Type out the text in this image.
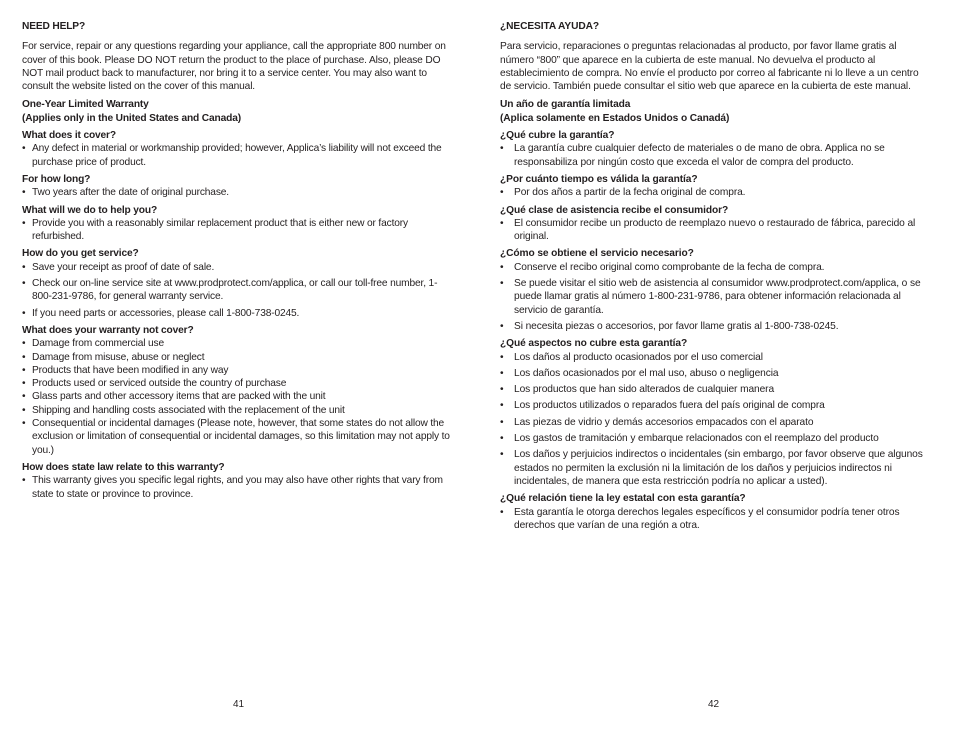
NEED HELP?

For service, repair or any questions regarding your appliance, call the appropriate 800 number on cover of this book. Please DO NOT return the product to the place of purchase. Also, please DO NOT mail product back to manufacturer, nor bring it to a service center. You may also want to consult the website listed on the cover of this manual.

One-Year Limited Warranty

(Applies only in the United States and Canada)

What does it cover?

• Any defect in material or workmanship provided; however, Applica’s liability will not exceed the purchase price of product.

For how long?

• Two years after the date of original purchase.

What will we do to help you?

• Provide you with a reasonably similar replacement product that is either new or factory refurbished.

How do you get service?

• Save your receipt as proof of date of sale.
• Check our on-line service site at www.prodprotect.com/applica, or call our toll-free number, 1-800-231-9786, for general warranty service.
• If you need parts or accessories, please call 1-800-738-0245.

What does your warranty not cover?

• Damage from commercial use
• Damage from misuse, abuse or neglect
• Products that have been modified in any way
• Products used or serviced outside the country of purchase
• Glass parts and other accessory items that are packed with the unit
• Shipping and handling costs associated with the replacement of the unit
• Consequential or incidental damages (Please note, however, that some states do not allow the exclusion or limitation of consequential or incidental damages, so this limitation may not apply to you.)

How does state law relate to this warranty?

• This warranty gives you specific legal rights, and you may also have other rights that vary from state to state or province to province.

¿NECESITA AYUDA?

Para servicio, reparaciones o preguntas relacionadas al producto, por favor llame gratis al número “800” que aparece en la cubierta de este manual. No devuelva el producto al establecimiento de compra. No envíe el producto por correo al fabricante ni lo lleve a un centro de servicio. También puede consultar el sitio web que aparece en la cubierta de este manual.

Un año de garantía limitada

(Aplica solamente en Estados Unidos o Canadá)

¿Qué cubre la garantía?

• La garantía cubre cualquier defecto de materiales o de mano de obra. Applica no se responsabiliza por ningún costo que exceda el valor de compra del producto.

¿Por cuánto tiempo es válida la garantía?

• Por dos años a partir de la fecha original de compra.

¿Qué clase de asistencia recibe el consumidor?

• El consumidor recibe un producto de reemplazo nuevo o restaurado de fábrica, parecido al original.

¿Cómo se obtiene el servicio necesario?

• Conserve el recibo original como comprobante de la fecha de compra.
• Se puede visitar el sitio web de asistencia al consumidor www.prodprotect.com/applica, o se puede llamar gratis al número 1-800-231-9786, para obtener información relacionada al servicio de garantía.
• Si necesita piezas o accesorios, por favor llame gratis al 1-800-738-0245.

¿Qué aspectos no cubre esta garantía?

• Los daños al producto ocasionados por el uso comercial
• Los daños ocasionados por el mal uso, abuso o negligencia
• Los productos que han sido alterados de cualquier manera
• Los productos utilizados o reparados fuera del país original de compra
• Las piezas de vidrio y demás accesorios empacados con el aparato
• Los gastos de tramitación y embarque relacionados con el reemplazo del producto
• Los daños y perjuicios indirectos o incidentales (sin embargo, por favor observe que algunos estados no permiten la exclusión ni la limitación de los daños y perjuicios indirectos ni incidentales, de manera que esta restricción podría no aplicar a usted).

¿Qué relación tiene la ley estatal con esta garantía?

• Esta garantía le otorga derechos legales específicos y el consumidor podría tener otros derechos que varían de una región a otra.
41	42
